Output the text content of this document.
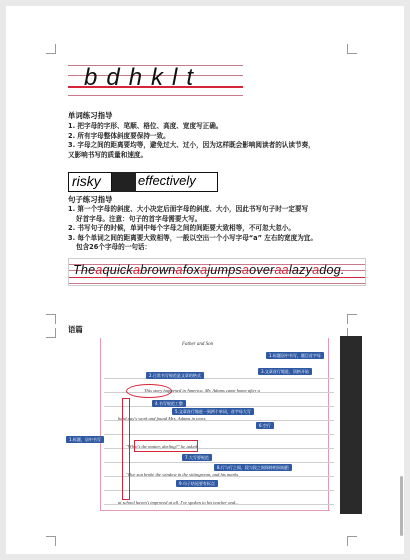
bdhklt
单词练习指导
1. 把字母的字形、笔顺、格位、高度、宽度写正确。
2. 所有字母整体斜度要保持一致。
3. 字母之间的距离要均等，避免过大、过小，因为这样既会影响阅读者的认读节奏，
又影响书写的质量和速度。
risky	effectively
句子练习指导
1. 第一个字母的斜度、大小决定后面字母的斜度、大小，因此书写句子时一定要写
好首字母。注意：句子的首字母需要大写。
2. 书写句子的时候，单词中每个字母之间的间距要大致相等，不可忽大忽小。
3. 每个单词之间的距离要大致相等，一般以空出一个小写字母“a” 左右的宽度为宜。
包含26个字母的一句话：
Theaquickabrownafoxajumpsaoveraalazyadog.
语篇
Father and Son
This story happened in America. Mr. Adams came home after a
hard day's work and found Mrs. Adams in tears.
"What's the matter, darling?" he asked.
"Our son broke the window in the sittingroom, and his marks
at school haven't improved at all. I've spoken to his teacher and...
1.标题居中书写，题目首字母
2.日常书写规范是文章的格式
3.文章首行缩进，顶格开始
4.书写规范工整
5.文章首行缩进一到两个单词，首字母大写
6.空行
7.大写要规范
8.行与行之间，段与段之间保持相同间距
9.句子结尾要有标点
1.标题，居中书写
